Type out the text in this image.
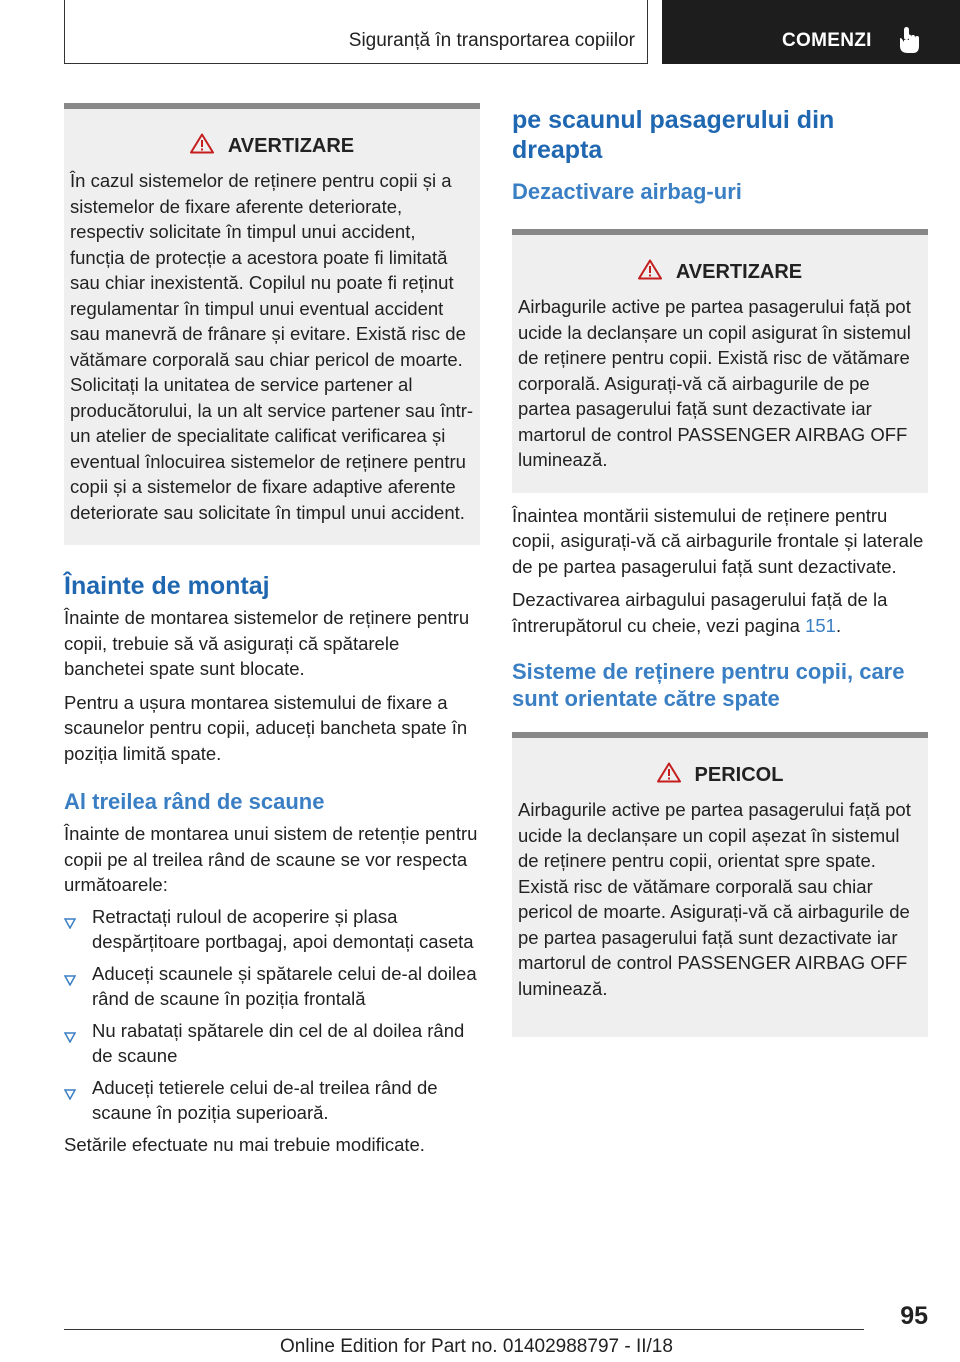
Siguranță în transportarea copiilor	COMENZI
AVERTIZARE

În cazul sistemelor de reținere pentru copii și a sistemelor de fixare aferente deteriorate, respectiv solicitate în timpul unui accident, funcția de protecție a acestora poate fi limitată sau chiar inexistentă. Copilul nu poate fi reținut regulamentar în timpul unui eventual accident sau manevră de frânare și evitare. Există risc de vătămare corporală sau chiar pericol de moarte. Solicitați la unitatea de service partener al producătorului, la un alt service partener sau într-un atelier de specialitate calificat verificarea și eventual înlocuirea sistemelor de reținere pentru copii și a sistemelor de fixare adaptive aferente deteriorate sau solicitate în timpul unui accident.

Înainte de montaj

Înainte de montarea sistemelor de reținere pentru copii, trebuie să vă asigurați că spătarele banchetei spate sunt blocate.

Pentru a ușura montarea sistemului de fixare a scaunelor pentru copii, aduceți bancheta spate în poziția limită spate.

Al treilea rând de scaune

Înainte de montarea unui sistem de retenție pentru copii pe al treilea rând de scaune se vor respecta următoarele:

Retractați ruloul de acoperire și plasa despărțitoare portbagaj, apoi demontați caseta
Aduceți scaunele și spătarele celui de-al doilea rând de scaune în poziția frontală
Nu rabatați spătarele din cel de al doilea rând de scaune
Aduceți tetierele celui de-al treilea rând de scaune în poziția superioară.

Setările efectuate nu mai trebuie modificate.

pe scaunul pasagerului din dreapta
Dezactivare airbag-uri
AVERTIZARE

Airbagurile active pe partea pasagerului față pot ucide la declanșare un copil asigurat în sistemul de reținere pentru copii. Există risc de vătămare corporală. Asigurați-vă că airbagurile de pe partea pasagerului față sunt dezactivate iar martorul de control PASSENGER AIRBAG OFF luminează.

Înaintea montării sistemului de reținere pentru copii, asigurați-vă că airbagurile frontale și laterale de pe partea pasagerului față sunt dezactivate.

Dezactivarea airbagului pasagerului față de la întrerupătorul cu cheie, vezi pagina 151.

Sisteme de reținere pentru copii, care sunt orientate către spate
PERICOL

Airbagurile active pe partea pasagerului față pot ucide la declanșare un copil așezat în sistemul de reținere pentru copii, orientat spre spate. Există risc de vătămare corporală sau chiar pericol de moarte. Asigurați-vă că airbagurile de pe partea pasagerului față sunt dezactivate iar martorul de control PASSENGER AIRBAG OFF luminează.

95
Online Edition for Part no. 01402988797 - II/18
